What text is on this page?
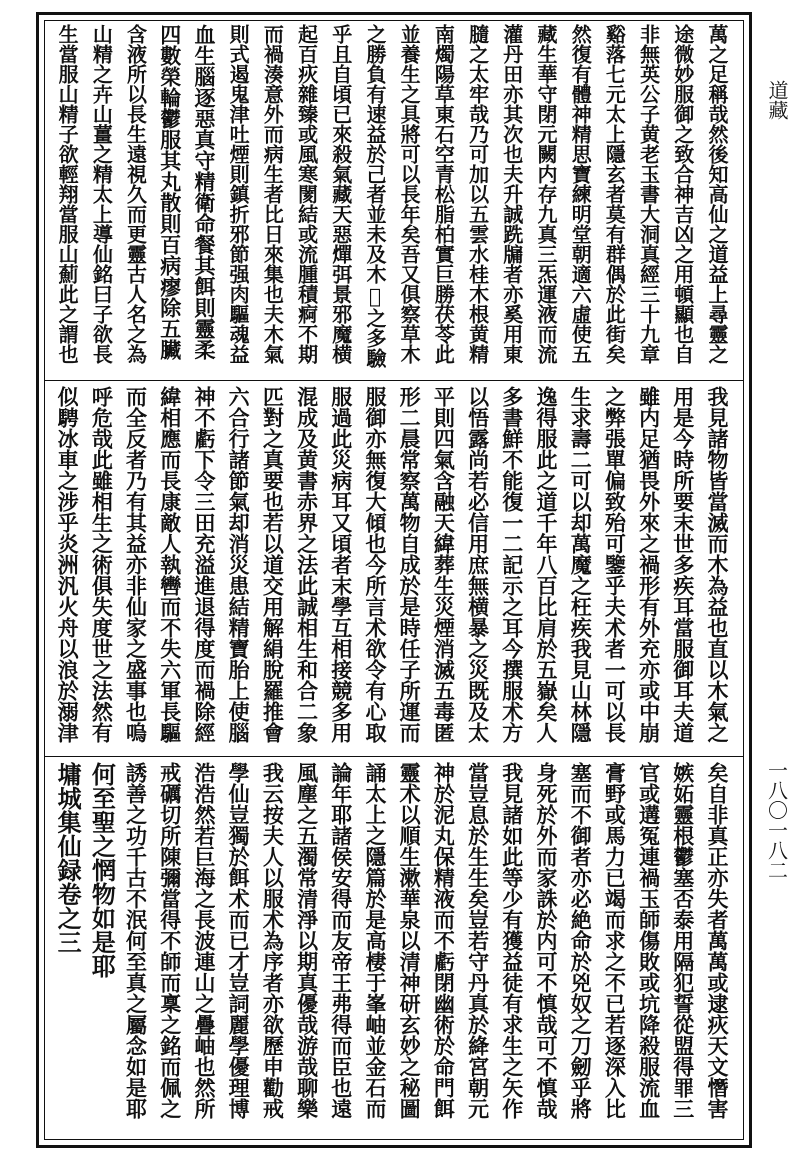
萬之足稱哉然後知高仙之道益上尋靈之
途微妙服御之致合神吉凶之用頓顯也自
非無英公子黄老玉書大洞真經三十九章
谿落七元太上隱玄者莫有群偶於此街矣
然復有體神精思寶練明堂朝適六虛使五
藏生華守閉元闕内存九真三炁運液而流
灌丹田亦其次也夫升誠跣牖者亦奚用東
膸之太牢哉乃可加以五雲水桂木根黄精
南燭陽草東石空青松脂柏實巨勝茯苓此
並養生之具將可以長年矣吾又俱察草木
之勝負有速益於己者並未及木𠃨之多驗
乎且自頃已來殺氣藏天惡燀弭景邪魔横
起百疢雜臻或風寒閡結或流腫積痾不期
而禍湊意外而病生者比日來集也夫木氣
則式遏鬼津吐煙則鎮折邪節强肉驅魂益
血生腦逐惡真守精衛命餐其餌則靈柔
四數榮輪鬱服其丸散則百病瘳除五臟
含液所以長生遠視久而更靈古人名之為
山精之卉山薑之精太上導仙銘曰子欲長
生當服山精子欲輕翔當服山薊此之謂也
我見諸物皆當滅而木為益也直以木氣之
用是今時所要末世多疾耳當服御耳夫道
雖内足猶畏外來之禍形有外充亦或中崩
之弊張單偏致殆可鑒乎夫术者一可以長
生求壽二可以却萬魔之枉疾我見山林隱
逸得服此之道千年八百比肩於五嶽矣人
多書鮮不能復一二記示之耳今撰服术方
以悟露尚若必信用庶無横暴之災既及太
平則四氣含融天緯葬生災煙消滅五毒匿
形二晨常察萬物自成於是時任子所運而
服御亦無復大傾也今所言术欲令有心取
服過此災病耳又頃者末學互相接競多用
混成及黄書赤界之法此誠相生和合二象
匹對之真要也若以道交用解絹脫羅推會
六合行諸節氣却消災患結精寶胎上使腦
神不虧下令三田充溢進退得度而禍除經
緯相應而長康敵人執轡而不失六軍長驅
而全反者乃有其益亦非仙家之盛事也嗚
呼危哉此雖相生之術俱失度世之法然有
似騁冰車之涉乎炎洲汎火舟以浪於溺津
矣自非真正亦失者萬萬或逮疢天文憯害
嫉妬靈根鬱塞否泰用隔犯誓從盟得罪三
官或遘冤連禍玉師傷敗或坑降殺服流血
膏野或馬力已竭而求之不已若逐深入比
塞而不御者亦必絶命於兇奴之刀劒乎將
身死於外而家誅於内可不慎哉可不慎哉
我見諸如此等少有獲益徒有求生之矢作
當豈息於生生矣豈若守丹真於絳宮朝元
神於泥丸保精液而不虧閉幽術於命門餌
靈术以順生漱華泉以清神研玄妙之秘圖
誦太上之隱篇於是高棲于峯岫並金石而
論年耶諸侯安得而友帝王弗得而臣也遠
風塵之五濁常清淨以期真優哉游哉聊樂
我云按夫人以服术為序者亦欲歷申勸戒
學仙豈獨於餌术而已才豈詞麗學優理博
浩浩然若巨海之長波連山之疊岫也然所
戒礪切所陳彌當得不師而稟之銘而佩之
誘善之功千古不泯何至真之屬念如是耶
何至聖之惘物如是耶
墉城集仙録卷之三
道藏
一八〇一八二
